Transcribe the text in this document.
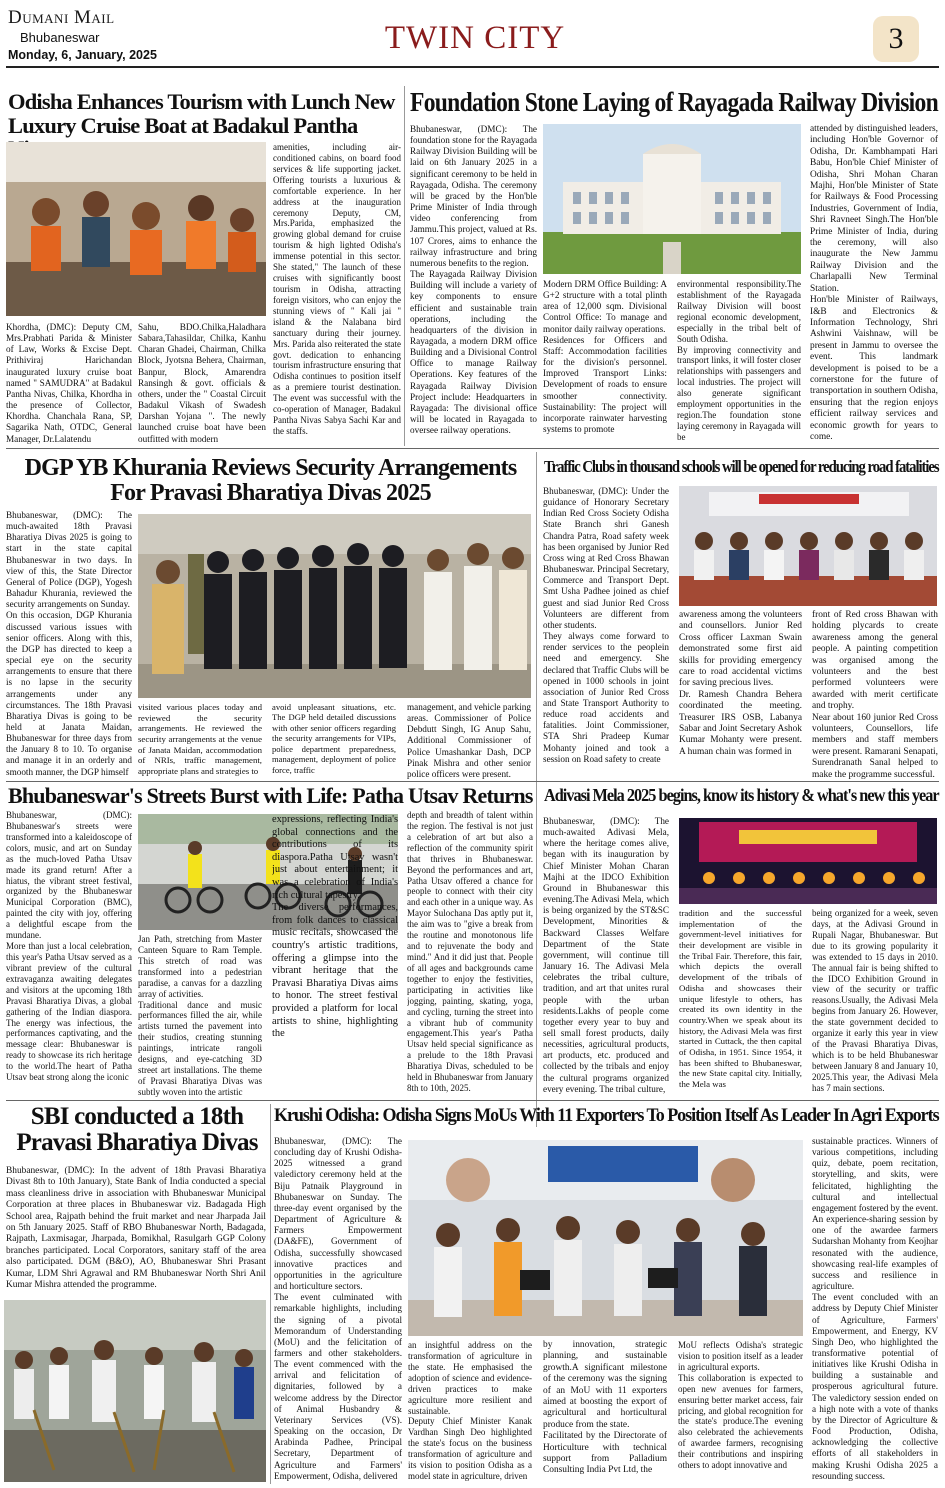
Dumani Mail
Bhubaneswar
Monday, 6, January, 2025	TWIN CITY	3
Odisha Enhances Tourism with Lunch New
Luxury Cruise Boat at Badakul Pantha
Khordha, (DMC): Deputy CM, Mrs.Prabhati Parida & Minister of Law, Works & Excise Dept. Prithiviraj Harichandan inaugurated luxury cruise boat named " SAMUDRA" at Badakul Pantha Nivas, Chilka, Khordha in the presence of Collector, Khordha. Chanchala Rana, SP, Sagarika Nath, OTDC, General Manager, Dr.Lalatendu
Sahu, BDO.Chilka,Haladhara Sabara,Tahasildar, Chilka, Kanhu Charan Ghadei, Chairman, Chilka Block, Jyotsna Behera, Chairman, Banpur, Block, Amarendra Ransingh & govt. officials & others, under the " Coastal Circuit Badakul Vikash of Swadesh Darshan Yojana ". The newly launched cruise boat have been outfitted with modern
amenities, including air-conditioned cabins, on board food services & life supporting jacket. Offering tourists a luxurious & comfortable experience. In her address at the inauguration ceremony Deputy, CM, Mrs.Parida, emphasized the growing global demand for cruise tourism & high lighted Odisha's immense potential in this sector. She stated," The launch of these cruises with significantly boost tourism in Odisha, attracting foreign visitors, who can enjoy the stunning views of " Kali jai " island & the Nalabana bird sanctuary during their journey. Mrs. Parida also reiterated the state govt. dedication to enhancing tourism infrastructure ensuring that Odisha continues to position itself as a premiere tourist destination. The event was successful with the co-operation of Manager, Badakul Pantha Nivas Sabya Sachi Kar and the staffs.
Foundation Stone Laying of Rayagada Railway Division
Bhubaneswar, (DMC): The foundation stone for the Rayagada Railway Division Building will be laid on 6th January 2025 in a significant ceremony to be held in Rayagada, Odisha. The ceremony will be graced by the Hon'ble Prime Minister of India through video conferencing from Jammu.This project, valued at Rs. 107 Crores, aims to enhance the railway infrastructure and bring numerous benefits to the region.
The Rayagada Railway Division Building will include a variety of key components to ensure efficient and sustainable train operations, including the headquarters of the division in Rayagada, a modern DRM office Building and a Divisional Control Office to manage Railway Operations. Key features of the Rayagada Railway Division Project include: Headquarters in Rayagada: The divisional office will be located in Rayagada to oversee railway operations.
Modern DRM Office Building: A G+2 structure with a total plinth area of 12,000 sqm. Divisional Control Office: To manage and monitor daily railway operations.
Residences for Officers and Staff: Accommodation facilities for the division's personnel. Improved Transport Links: Development of roads to ensure smoother connectivity. Sustainability: The project will incorporate rainwater harvesting systems to promote
environmental responsibility.The establishment of the Rayagada Railway Division will boost regional economic development, especially in the tribal belt of South Odisha.
By improving connectivity and transport links, it will foster closer relationships with passengers and local industries. The project will also generate significant employment opportunities in the region.The foundation stone laying ceremony in Rayagada will be
attended by distinguished leaders, including Hon'ble Governor of Odisha, Dr. Kambhampati Hari Babu, Hon'ble Chief Minister of Odisha, Shri Mohan Charan Majhi, Hon'ble Minister of State for Railways & Food Processing Industries, Government of India, Shri Ravneet Singh.The Hon'ble Prime Minister of India, during the ceremony, will also inaugurate the New Jammu Railway Division and the Charlapalli New Terminal Station.
Hon'ble Minister of Railways, I&B and Electronics & Information Technology, Shri Ashwini Vaishnaw, will be present in Jammu to oversee the event. This landmark development is poised to be a cornerstone for the future of transportation in southern Odisha, ensuring that the region enjoys efficient railway services and economic growth for years to come.
DGP YB Khurania Reviews Security Arrangements
For Pravasi Bharatiya Divas 2025
Bhubaneswar, (DMC): The much-awaited 18th Pravasi Bharatiya Divas 2025 is going to start in the state capital Bhubaneswar in two days. In view of this, the State Director General of Police (DGP), Yogesh Bahadur Khurania, reviewed the security arrangements on Sunday.
On this occasion, DGP Khurania discussed various issues with senior officers. Along with this, the DGP has directed to keep a special eye on the security arrangements to ensure that there is no lapse in the security arrangements under any circumstances. The 18th Pravasi Bharatiya Divas is going to be held at Janata Maidan, Bhubaneswar for three days from the January 8 to 10. To organise and manage it in an orderly and smooth manner, the DGP himself
visited various places today and reviewed the security arrangements. He reviewed the security arrangements at the venue of Janata Maidan, accommodation of NRIs, traffic management, appropriate plans and strategies to
avoid unpleasant situations, etc. The DGP held detailed discussions with other senior officers regarding the security arrangements for VIPs, police department preparedness, management, deployment of police force, traffic
management, and vehicle parking areas. Commissioner of Police Debdutt Singh, IG Anup Sahu, Additional Commissioner of Police Umashankar Dash, DCP Pinak Mishra and other senior police officers were present.
Traffic Clubs in thousand schools will be opened for reducing road fatalities
Bhubaneswar, (DMC): Under the guidance of Honorary Secretary Indian Red Cross Society Odisha State Branch shri Ganesh Chandra Patra, Road safety week has been organised by Junior Red Cross wing at Red Cross Bhawan Bhubaneswar. Principal Secretary, Commerce and Transport Dept. Smt Usha Padhee joined as chief guest and siad Junior Red Cross Volunteers are different from other students.
They always come forward to render services to the peoplein need and emergency. She declared that Traffic Clubs will be opened in 1000 schools in joint association of Junior Red Cross and State Transport Authority to reduce road accidents and fatalities. Joint Commissioner, STA Shri Pradeep Kumar Mohanty joined and took a session on Road safety to create
awareness among the volunteers and counsellors. Junior Red Cross officer Laxman Swain demonstrated some first aid skills for providing emergency care to road accidental victims for saving precious lives.
Dr. Ramesh Chandra Behera coordinated the meeting. Treasurer IRS OSB, Labanya Sabar and Joint Secretary Ashok Kumar Mohanty were present. A human chain was formed in
front of Red cross Bhawan with holding plycards to create awareness among the general people. A painting competition was organised among the volunteers and the best performed volunteers were awarded with merit certificate and trophy.
Near about 160 junior Red Cross volunteers, Counsellors, life members and staff members were present. Ramarani Senapati, Surendranath Sanal helped to make the programme successful.
Bhubaneswar's Streets Burst with Life: Patha Utsav Returns
Bhubaneswar, (DMC): Bhubaneswar's streets were transformed into a kaleidoscope of colors, music, and art on Sunday as the much-loved Patha Utsav made its grand return! After a hiatus, the vibrant street festival, organized by the Bhubaneswar Municipal Corporation (BMC), painted the city with joy, offering a delightful escape from the mundane.
More than just a local celebration, this year's Patha Utsav served as a vibrant preview of the cultural extravaganza awaiting delegates and visitors at the upcoming 18th Pravasi Bharatiya Divas, a global gathering of the Indian diaspora. The energy was infectious, the performances captivating, and the message clear: Bhubaneswar is ready to showcase its rich heritage to the world.The heart of Patha Utsav beat strong along the iconic
Jan Path, stretching from Master Canteen Square to Ram Temple. This stretch of road was transformed into a pedestrian paradise, a canvas for a dazzling array of activities.
Traditional dance and music performances filled the air, while artists turned the pavement into their studios, creating stunning paintings, intricate rangoli designs, and eye-catching 3D street art installations. The theme of Pravasi Bharatiya Divas was subtly woven into the artistic
expressions, reflecting India's global connections and the contributions of its diaspora.Patha Utsav wasn't just about entertainment; it was a celebration of India's rich cultural tapestry.
The diverse performances, from folk dances to classical music recitals, showcased the country's artistic traditions, offering a glimpse into the vibrant heritage that the Pravasi Bharatiya Divas aims to honor. The street festival provided a platform for local artists to shine, highlighting the
depth and breadth of talent within the region. The festival is not just a celebration of art but also a reflection of the community spirit that thrives in Bhubaneswar. Beyond the performances and art, Patha Utsav offered a chance for people to connect with their city and each other in a unique way. As Mayor Sulochana Das aptly put it, the aim was to "give a break from the routine and monotonous life and to rejuvenate the body and mind." And it did just that. People of all ages and backgrounds came together to enjoy the festivities, participating in activities like jogging, painting, skating, yoga, and cycling, turning the street into a vibrant hub of community engagement.This year's Patha Utsav held special significance as a prelude to the 18th Pravasi Bharatiya Divas, scheduled to be held in Bhubaneswar from January 8th to 10th, 2025.
Adivasi Mela 2025 begins, know its history & what's new this year
Bhubaneswar, (DMC): The much-awaited Adivasi Mela, where the heritage comes alive, began with its inauguration by Chief Minister Mohan Charan Majhi at the IDCO Exhibition Ground in Bhubaneswar this evening.The Adivasi Mela, which is being organized by the ST&SC Development, Minorities & Backward Classes Welfare Department of the State government, will continue till January 16. The Adivasi Mela celebrates the tribal culture, tradition, and art that unites rural people with the urban residents.Lakhs of people come together every year to buy and sell small forest products, daily necessities, agricultural products, art products, etc. produced and collected by the tribals and enjoy the cultural programs organized every evening. The tribal culture,
tradition and the successful implementation of the government-level initiatives for their development are visible in the Tribal Fair. Therefore, this fair, which depicts the overall development of the tribals of Odisha and showcases their unique lifestyle to others, has created its own identity in the country.When we speak about its history, the Adivasi Mela was first started in Cuttack, the then capital of Odisha, in 1951. Since 1954, it has been shifted to Bhubaneswar, the new State capital city. Initially, the Mela was
being organized for a week, seven days, at the Adivasi Ground in Rupali Nagar, Bhubaneswar. But due to its growing popularity it was extended to 15 days in 2010. The annual fair is being shifted to the IDCO Exhibition Ground in view of the security or traffic reasons.Usually, the Adivasi Mela begins from January 26. However, the state government decided to organize it early this year in view of the Pravasi Bharatiya Divas, which is to be held Bhubaneswar between January 8 and January 10, 2025.This year, the Adivasi Mela has 7 main sections.
SBI conducted a 18th
Pravasi Bharatiya Divas
Bhubaneswar, (DMC): In the advent of 18th Pravasi Bharatiya Divast 8th to 10th January), State Bank of India conducted a special mass cleanliness drive in association with Bhubaneswar Municipal Corporation at three places in Bhubaneswar viz. Badagada High School area, Rajpath behind the fruit market and near Jharpada Jail on 5th January 2025. Staff of RBO Bhubaneswar North, Badagada, Rajpath, Laxmisagar, Jharpada, Bomikhal, Rasulgarh GGP Colony branches participated. Local Corporators, sanitary staff of the area also participated. DGM (B&O), AO, Bhubaneswar Shri Prasant Kumar, LDM Shri Agrawal and RM Bhubaneswar North Shri Anil Kumar Mishra attended the programme.
Krushi Odisha: Odisha Signs MoUs With 11 Exporters To Position Itself As Leader In Agri Exports
Bhubaneswar, (DMC): The concluding day of Krushi Odisha-2025 witnessed a grand valedictory ceremony held at the Biju Patnaik Playground in Bhubaneswar on Sunday. The three-day event organised by the Department of Agriculture & Farmers Empowerment (DA&FE), Government of Odisha, successfully showcased innovative practices and opportunities in the agriculture and horticulture sectors.
The event culminated with remarkable highlights, including the signing of a pivotal Memorandum of Understanding (MoU) and the felicitation of farmers and other stakeholders. The event commenced with the arrival and felicitation of dignitaries, followed by a welcome address by the Director of Animal Husbandry & Veterinary Services (VS). Speaking on the occasion, Dr Arabinda Padhee, Principal Secretary, Department of Agriculture and Farmers' Empowerment, Odisha, delivered
an insightful address on the transformation of agriculture in the state. He emphasised the adoption of science and evidence-driven practices to make agriculture more resilient and sustainable.
Deputy Chief Minister Kanak Vardhan Singh Deo highlighted the state's focus on the business transformation of agriculture and its vision to position Odisha as a model state in agriculture, driven
by innovation, strategic planning, and sustainable growth.A significant milestone of the ceremony was the signing of an MoU with 11 exporters aimed at boosting the export of agricultural and horticultural produce from the state.
Facilitated by the Directorate of Horticulture with technical support from Palladium Consulting India Pvt Ltd, the
MoU reflects Odisha's strategic vision to position itself as a leader in agricultural exports.
This collaboration is expected to open new avenues for farmers, ensuring better market access, fair pricing, and global recognition for the state's produce.The evening also celebrated the achievements of awardee farmers, recognising their contributions and inspiring others to adopt innovative and
sustainable practices. Winners of various competitions, including quiz, debate, poem recitation, storytelling, and skits, were felicitated, highlighting the cultural and intellectual engagement fostered by the event. An experience-sharing session by one of the awardee farmers Sudarshan Mohanty from Keojhar resonated with the audience, showcasing real-life examples of success and resilience in agriculture.
The event concluded with an address by Deputy Chief Minister of Agriculture, Farmers' Empowerment, and Energy, KV Singh Deo, who highlighted the transformative potential of initiatives like Krushi Odisha in building a sustainable and prosperous agricultural future. The valedictory session ended on a high note with a vote of thanks by the Director of Agriculture & Food Production, Odisha, acknowledging the collective efforts of all stakeholders in making Krushi Odisha 2025 a resounding success.
